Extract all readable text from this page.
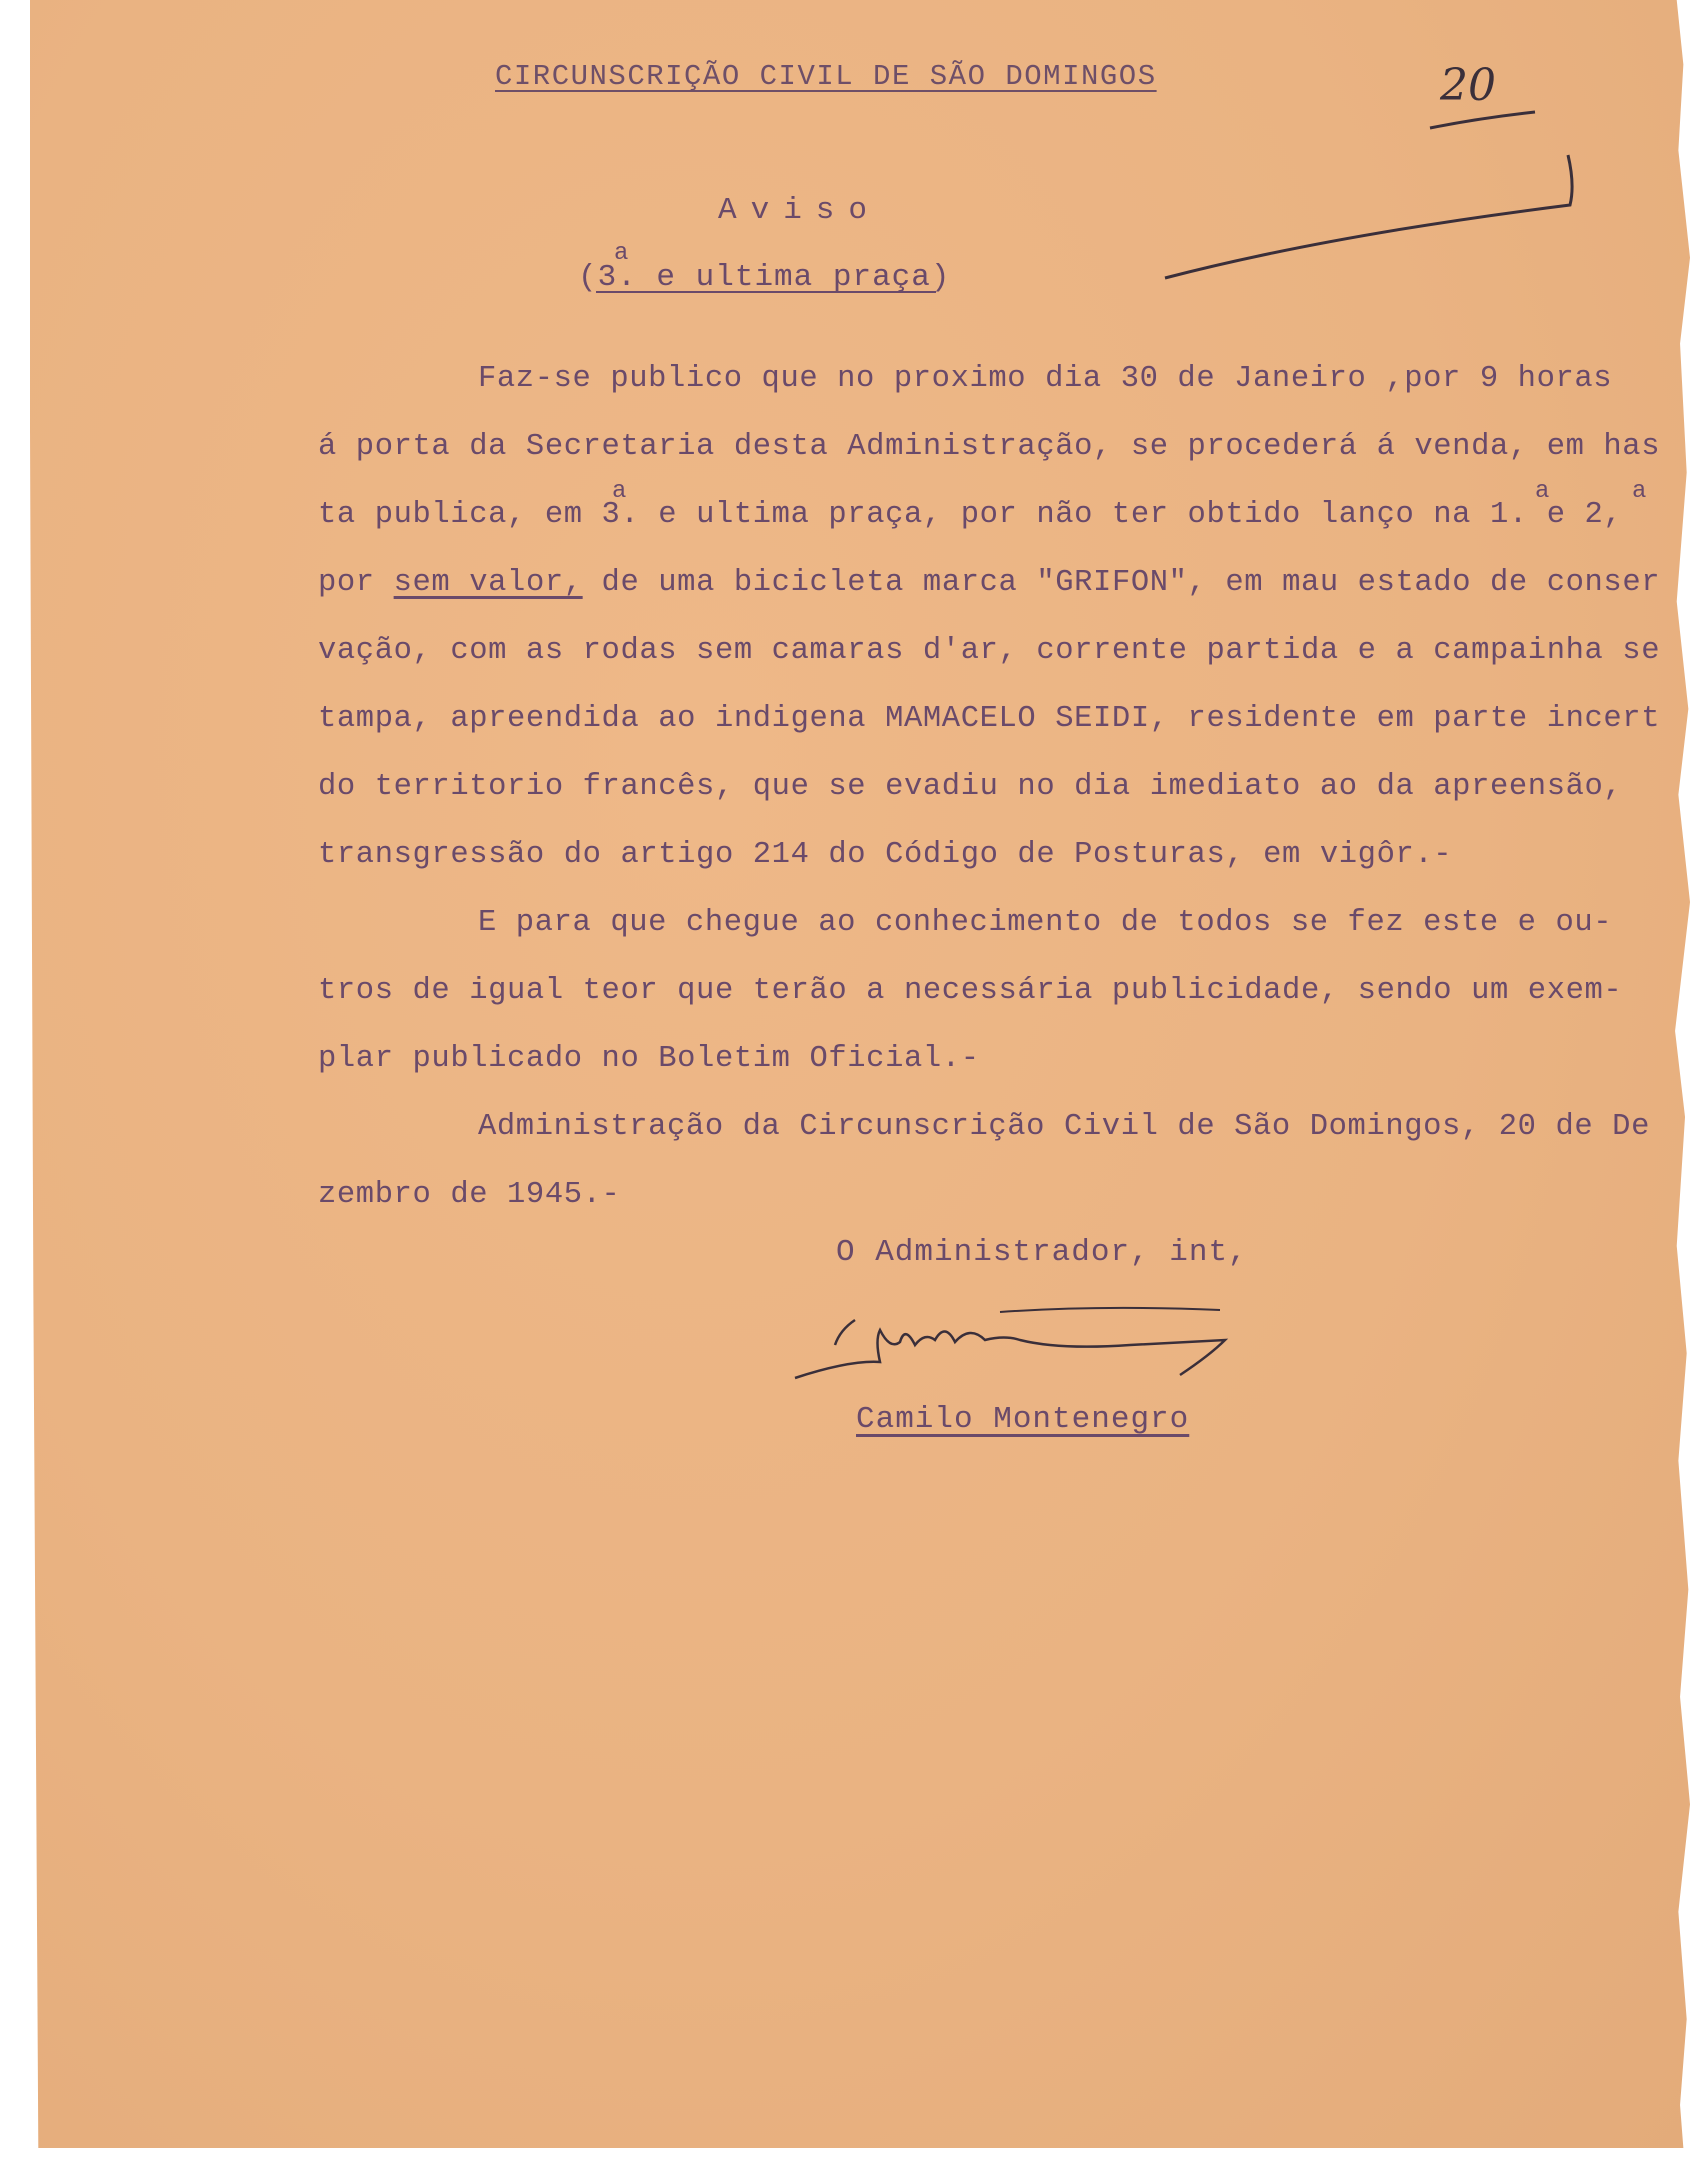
20
CIRCUNSCRIÇÃO CIVIL DE SÃO DOMINGOS
Aviso
(3. e ultima praça)
a
Faz-se publico que no proximo dia 30 de Janeiro ,por 9 horas
á porta da Secretaria desta Administração, se procederá á venda, em has
ta publica, em 3. e ultima praça, por não ter obtido lanço na 1. e 2,
a	a	a
por sem valor, de uma bicicleta marca "GRIFON", em mau estado de conser
vação, com as rodas sem camaras d'ar, corrente partida e a campainha se
tampa, apreendida ao indigena MAMACELO SEIDI, residente em parte incert
do territorio francês, que se evadiu no dia imediato ao da apreensão,
transgressão do artigo 214 do Código de Posturas, em vigôr.-
E para que chegue ao conhecimento de todos se fez este e ou-
tros de igual teor que terão a necessária publicidade, sendo um exem-
plar publicado no Boletim Oficial.-
Administração da Circunscrição Civil de São Domingos, 20 de De
zembro de 1945.-
O Administrador, int,
Camilo Montenegro
